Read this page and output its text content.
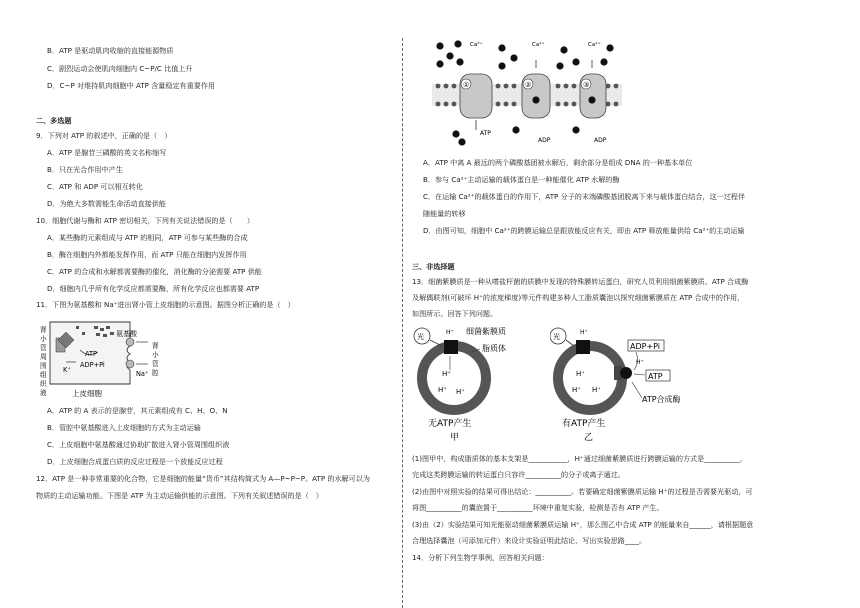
B．ATP 是驱动肌肉收缩的直接能源物质
C．剧烈运动会使肌肉细胞内 C~P/C 比值上升
D．C~P 对维持肌肉细胞中 ATP 含量稳定有重要作用
二、多选题
9．下列对 ATP 的叙述中，正确的是（　）
A．ATP 是腺苷三磷酸的英文名称缩写
B．只在光合作用中产生
C．ATP 和 ADP 可以相互转化
D．为绝大多数需能生命活动直接供能
10．细胞代谢与酶和 ATP 密切相关，下列有关说法错误的是（　　）
A．某些酶的元素组成与 ATP 的相同，ATP 可参与某些酶的合成
B．酶在细胞内外都能发挥作用，而 ATP 只能在细胞内发挥作用
C．ATP 的合成和水解都需要酶的催化，消化酶的分泌需要 ATP 供能
D．细胞内几乎所有化学反应都需要酶，所有化学反应也都需要 ATP
11．下图为氨基酸和 Na⁺进出肾小管上皮细胞的示意图。据图分析正确的是（　）
肾
小
管
周
围
组
织
液
氨基酸
ATP
ADP+Pi
Na⁺
K⁺
肾
小
管
腔
上皮细胞
A．ATP 的 A 表示的是腺苷，其元素组成有 C、H、O、N
B．管腔中氨基酸进入上皮细胞的方式为主动运输
C．上皮细胞中氨基酸通过协助扩散进入肾小管周围组织液
D．上皮细胞合成蛋白质的反应过程是一个放能反应过程
12．ATP 是一种非常重要的化合物，它是细胞的能量“货币”其结构简式为 A—P~P~P。ATP 的水解可以为
物质的主动运输功能。下图是 ATP 为主动运输供能的示意图。下列有关叙述错误的是（　）
①	②	③
Ca²⁺	Ca²⁺	Ca²⁺
ATP
ADP	ADP
A．ATP 中离 A 最远的两个磷酸基团被水解后，剩余部分是组成 DNA 的一种基本单位
B．参与 Ca²⁺主动运输的载体蛋白是一种能催化 ATP 水解的酶
C．在运输 Ca²⁺的载体蛋白的作用下，ATP 分子的末端磷酸基团脱离下来与载体蛋白结合，这一过程伴
随能量的转移
D．由图可知，细胞中 Ca²⁺的跨膜运输总是跟放能反应有关，即由 ATP 释放能量供给 Ca²⁺的主动运输
三、非选择题
13．细菌紫膜质是一种从嗜盐杆菌的质膜中发现的特殊膜转运蛋白，研究人员利用细菌紫膜质、ATP 合成酶
及解偶联剂(可破坏 H⁺的浓度梯度)等元件构建多种人工脂质囊泡以探究细菌紫膜质在 ATP 合成中的作用，
如图所示。回答下列问题。
光
H⁺ 细菌紫膜质
脂质体
H⁺
H⁺ H⁺
无ATP产生
甲
光
H⁺
ADP+Pi
ATP
H⁺
ATP合成酶
H⁺
H⁺ H⁺
有ATP产生
乙
(1)图甲中，构成脂质体的基本支架是___________，H⁺通过细菌紫膜质进行跨膜运输的方式是__________，
完成这类跨膜运输的转运蛋白只容许__________的分子或离子通过。
(2)由图中对照实验的结果可得出结论：__________。若要确定细菌紫膜质运输 H⁺的过程是否需要光驱动，可
将图__________的囊泡置于__________环境中重复实验，检测是否有 ATP 产生。
(3)由（2）实验结果可知光能驱动细菌紫膜质运输 H⁺，那么图乙中合成 ATP 的能量来自______，请根据题意
合理选择囊泡（可添加元件）来设计实验证明此结论，写出实验思路____。
14．分析下列生物学事例，回答相关问题：
